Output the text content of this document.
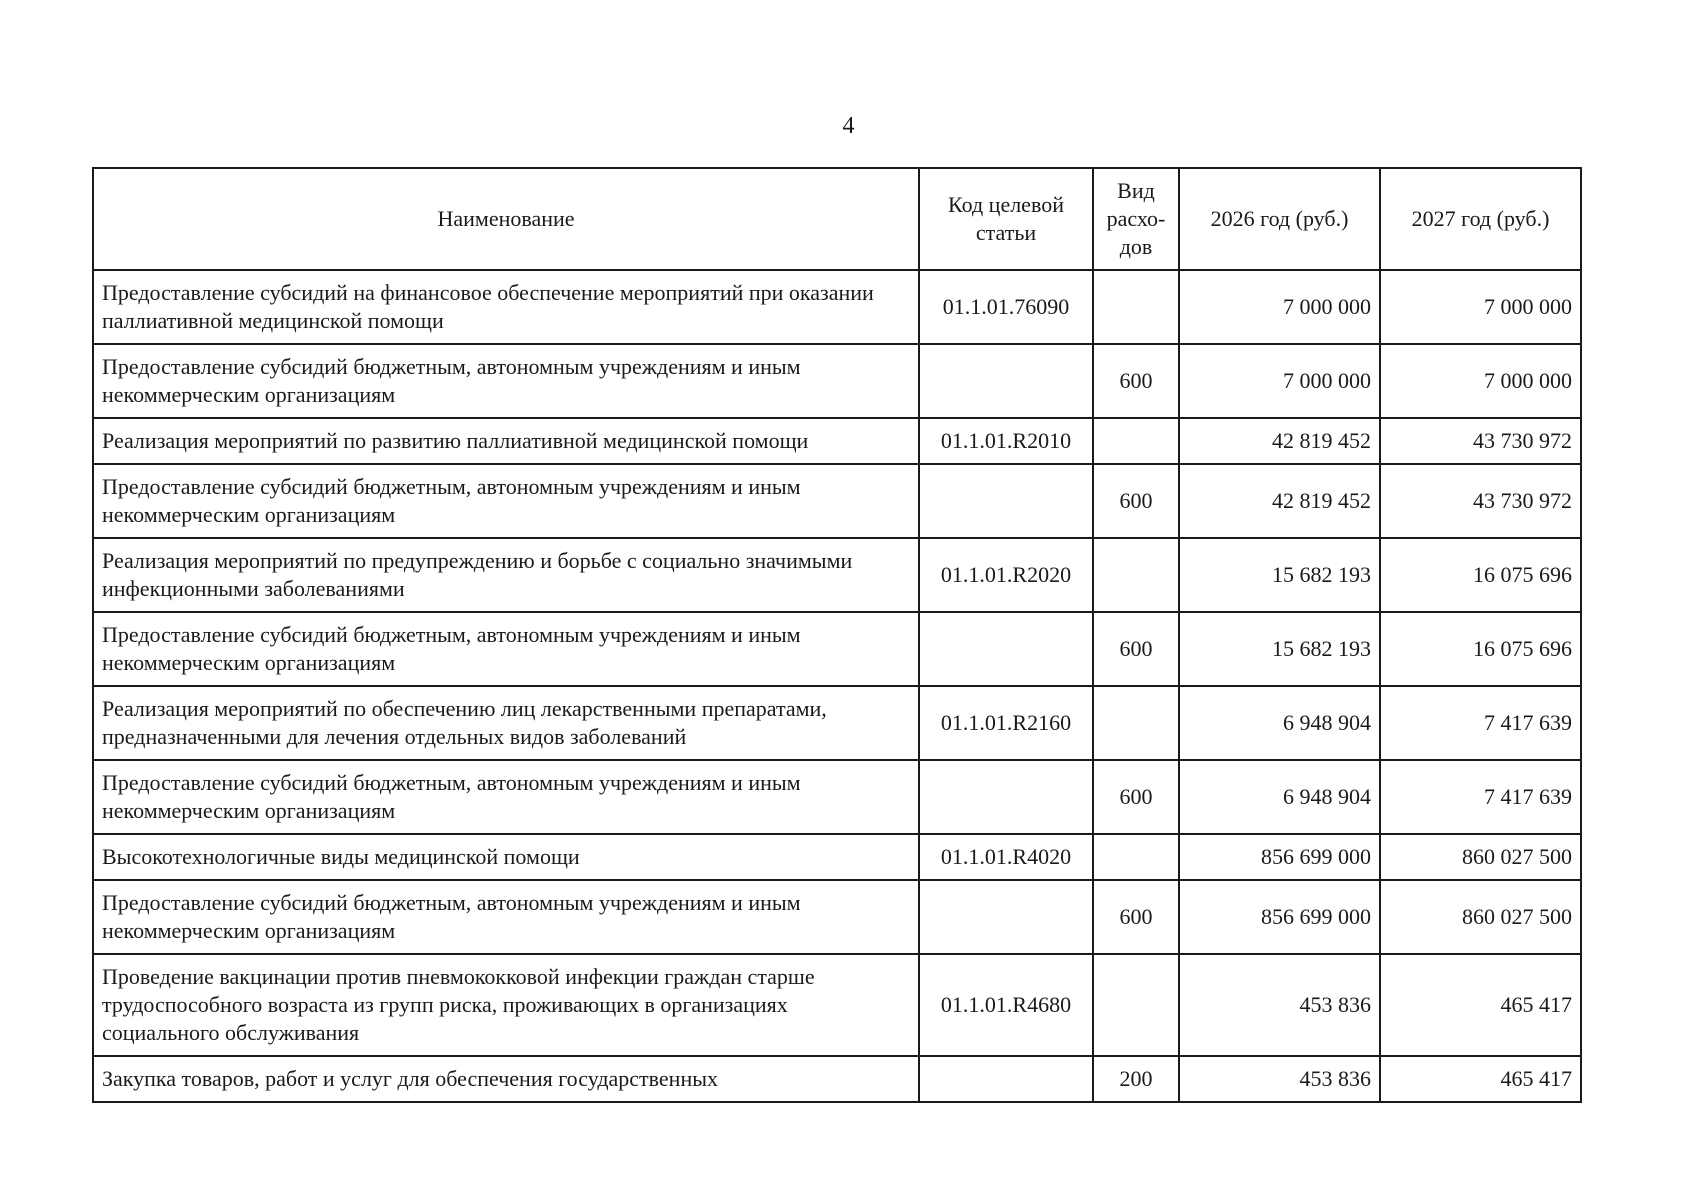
4
Наименование	Код целевой статьи	Вид расхо-дов	2026 год (руб.)	2027 год (руб.)
Предоставление субсидий на финансовое обеспечение мероприятий при оказании паллиативной медицинской помощи	01.1.01.76090		7 000 000	7 000 000
Предоставление субсидий бюджетным, автономным учреждениям и иным некоммерческим организациям		600	7 000 000	7 000 000
Реализация мероприятий по развитию паллиативной медицинской помощи	01.1.01.R2010		42 819 452	43 730 972
Предоставление субсидий бюджетным, автономным учреждениям и иным некоммерческим организациям		600	42 819 452	43 730 972
Реализация мероприятий по предупреждению и борьбе с социально значимыми инфекционными заболеваниями	01.1.01.R2020		15 682 193	16 075 696
Предоставление субсидий бюджетным, автономным учреждениям и иным некоммерческим организациям		600	15 682 193	16 075 696
Реализация мероприятий по обеспечению лиц лекарственными препаратами, предназначенными для лечения отдельных видов заболеваний	01.1.01.R2160		6 948 904	7 417 639
Предоставление субсидий бюджетным, автономным учреждениям и иным некоммерческим организациям		600	6 948 904	7 417 639
Высокотехнологичные виды медицинской помощи	01.1.01.R4020		856 699 000	860 027 500
Предоставление субсидий бюджетным, автономным учреждениям и иным некоммерческим организациям		600	856 699 000	860 027 500
Проведение вакцинации против пневмококковой инфекции граждан старше трудоспособного возраста из групп риска, проживающих в организациях социального обслуживания	01.1.01.R4680		453 836	465 417
Закупка товаров, работ и услуг для обеспечения государственных		200	453 836	465 417
